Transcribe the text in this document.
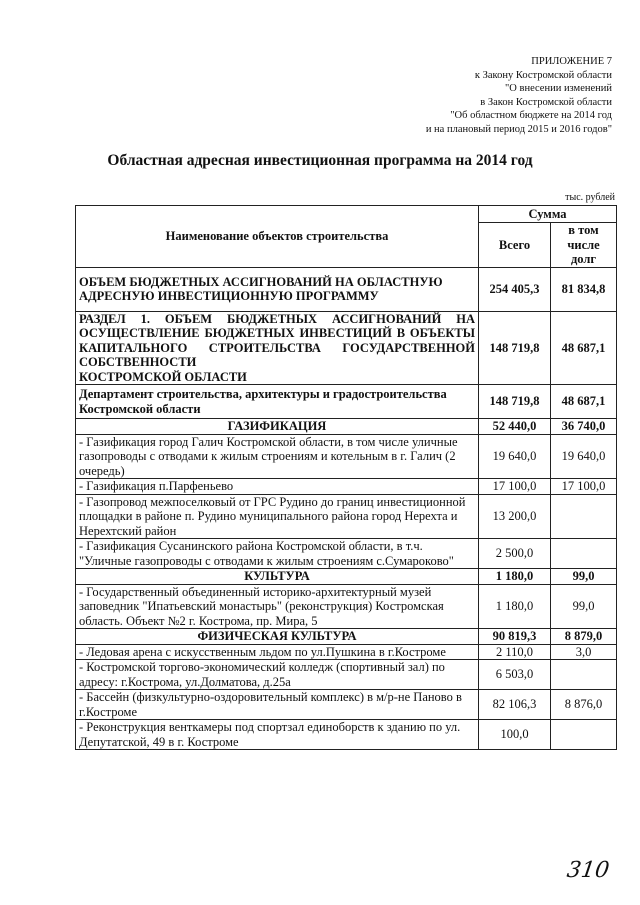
ПРИЛОЖЕНИЕ 7
к Закону Костромской области
"О внесении изменений
в Закон Костромской области
"Об областном бюджете на 2014 год
и на плановый период 2015 и 2016 годов"
Областная адресная инвестиционная программа на 2014 год
тыс. рублей
Наименование объектов строительства	Сумма	
	Всего	в том числе долг
ОБЪЕМ БЮДЖЕТНЫХ АССИГНОВАНИЙ НА ОБЛАСТНУЮ АДРЕСНУЮ ИНВЕСТИЦИОННУЮ ПРОГРАММУ	254 405,3	81 834,8
РАЗДЕЛ 1. ОБЪЕМ БЮДЖЕТНЫХ АССИГНОВАНИЙ НА ОСУЩЕСТВЛЕНИЕ БЮДЖЕТНЫХ ИНВЕСТИЦИЙ В ОБЪЕКТЫ КАПИТАЛЬНОГО СТРОИТЕЛЬСТВА ГОСУДАРСТВЕННОЙ СОБСТВЕННОСТИ
КОСТРОМСКОЙ ОБЛАСТИ	148 719,8	48 687,1
Департамент строительства, архитектуры и градостроительства Костромской области	148 719,8	48 687,1
ГАЗИФИКАЦИЯ	52 440,0	36 740,0
- Газификация город Галич Костромской области, в том числе уличные газопроводы с отводами к жилым строениям и котельным в г. Галич (2 очередь)	19 640,0	19 640,0
- Газификация п.Парфеньево	17 100,0	17 100,0
- Газопровод межпоселковый от ГРС Рудино до границ инвестиционной площадки в районе п. Рудино муниципального района город Нерехта и Нерехтский район	13 200,0	
- Газификация Сусанинского района Костромской области, в т.ч. "Уличные газопроводы с отводами к жилым строениям с.Сумароково"	2 500,0	
КУЛЬТУРА	1 180,0	99,0
- Государственный объединенный историко-архитектурный музей заповедник "Ипатьевский монастырь" (реконструкция) Костромская область. Объект №2 г. Кострома, пр. Мира, 5	1 180,0	99,0
ФИЗИЧЕСКАЯ КУЛЬТУРА	90 819,3	8 879,0
- Ледовая арена с искусственным льдом по ул.Пушкина в г.Костроме	2 110,0	3,0
- Костромской торгово-экономический колледж (спортивный зал) по адресу: г.Кострома, ул.Долматова, д.25а	6 503,0	
- Бассейн (физкультурно-оздоровительный комплекс) в м/р-не Паново в г.Костроме	82 106,3	8 876,0
- Реконструкция венткамеры под спортзал единоборств к зданию по ул. Депутатской, 49 в г. Костроме	100,0	
310
